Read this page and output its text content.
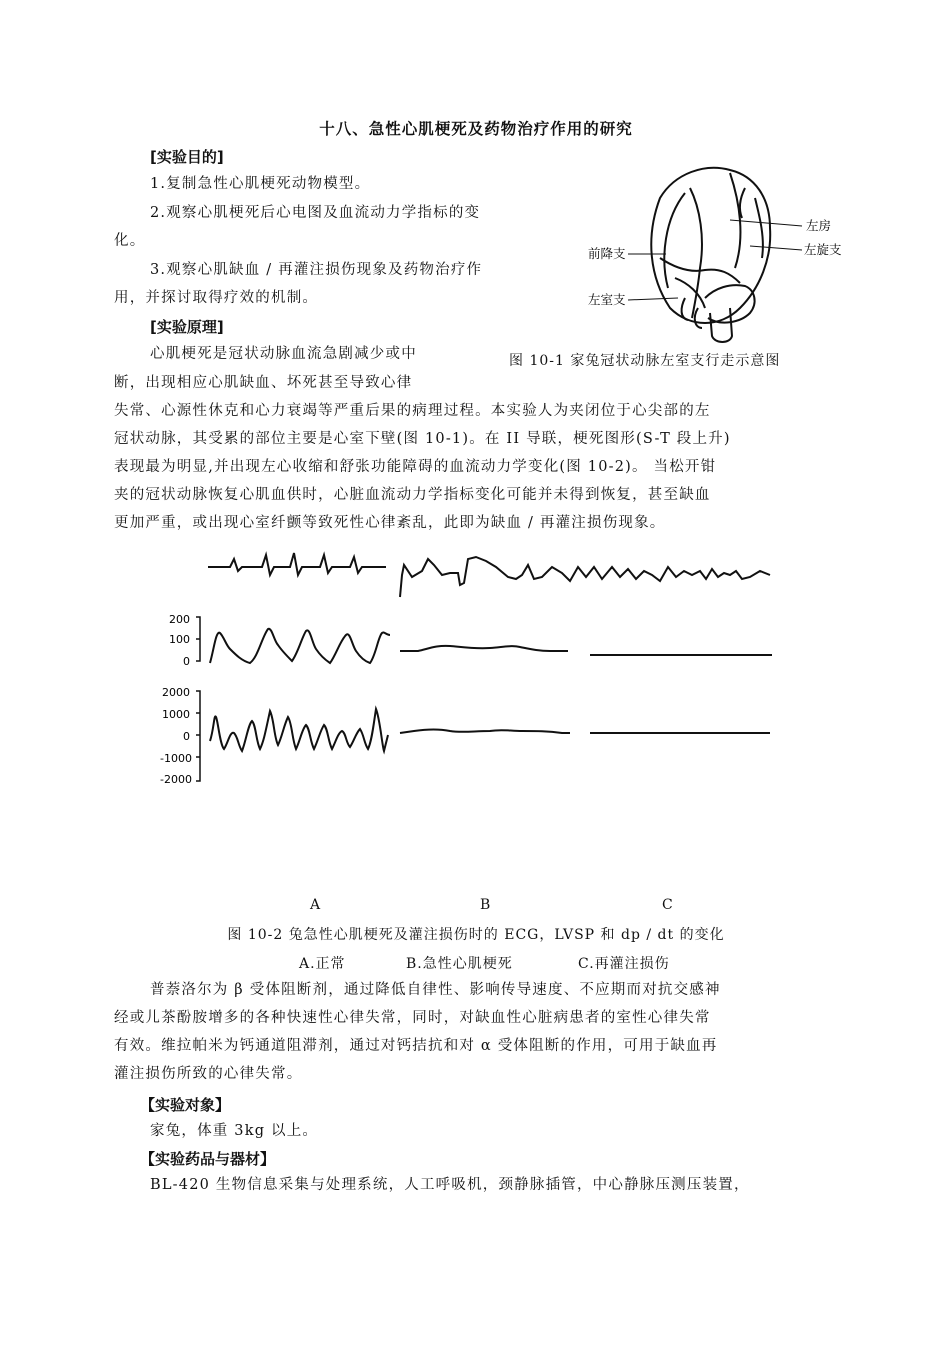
十八、急性心肌梗死及药物治疗作用的研究
[实验目的]
1.复制急性心肌梗死动物模型。
2.观察心肌梗死后心电图及血流动力学指标的变
化。
3.观察心肌缺血 / 再灌注损伤现象及药物治疗作
用，并探讨取得疗效的机制。
[实验原理]
左房
左旋支
前降支
左室支
图 10-1 家兔冠状动脉左室支行走示意图
心肌梗死是冠状动脉血流急剧减少或中
断，出现相应心肌缺血、坏死甚至导致心律
失常、心源性休克和心力衰竭等严重后果的病理过程。本实验人为夹闭位于心尖部的左
冠状动脉，其受累的部位主要是心室下壁(图 10-1)。在 II 导联，梗死图形(S-T 段上升)
表现最为明显,并出现左心收缩和舒张功能障碍的血流动力学变化(图 10-2)。 当松开钳
夹的冠状动脉恢复心肌血供时，心脏血流动力学指标变化可能并未得到恢复，甚至缺血
更加严重，或出现心室纤颤等致死性心律紊乱，此即为缺血 / 再灌注损伤现象。
200
100
0
2000
1000
0
-1000
-2000
A	B	C
图 10-2 兔急性心肌梗死及灌注损伤时的 ECG，LVSP 和 dp / dt 的变化
A.正常	B.急性心肌梗死	C.再灌注损伤
普萘洛尔为 β 受体阻断剂，通过降低自律性、影响传导速度、不应期而对抗交感神
经或儿茶酚胺增多的各种快速性心律失常，同时，对缺血性心脏病患者的室性心律失常
有效。维拉帕米为钙通道阻滞剂，通过对钙拮抗和对 α 受体阻断的作用，可用于缺血再
灌注损伤所致的心律失常。
【实验对象】
家兔，体重 3kg 以上。
【实验药品与器材】
BL-420 生物信息采集与处理系统，人工呼吸机，颈静脉插管，中心静脉压测压装置，
